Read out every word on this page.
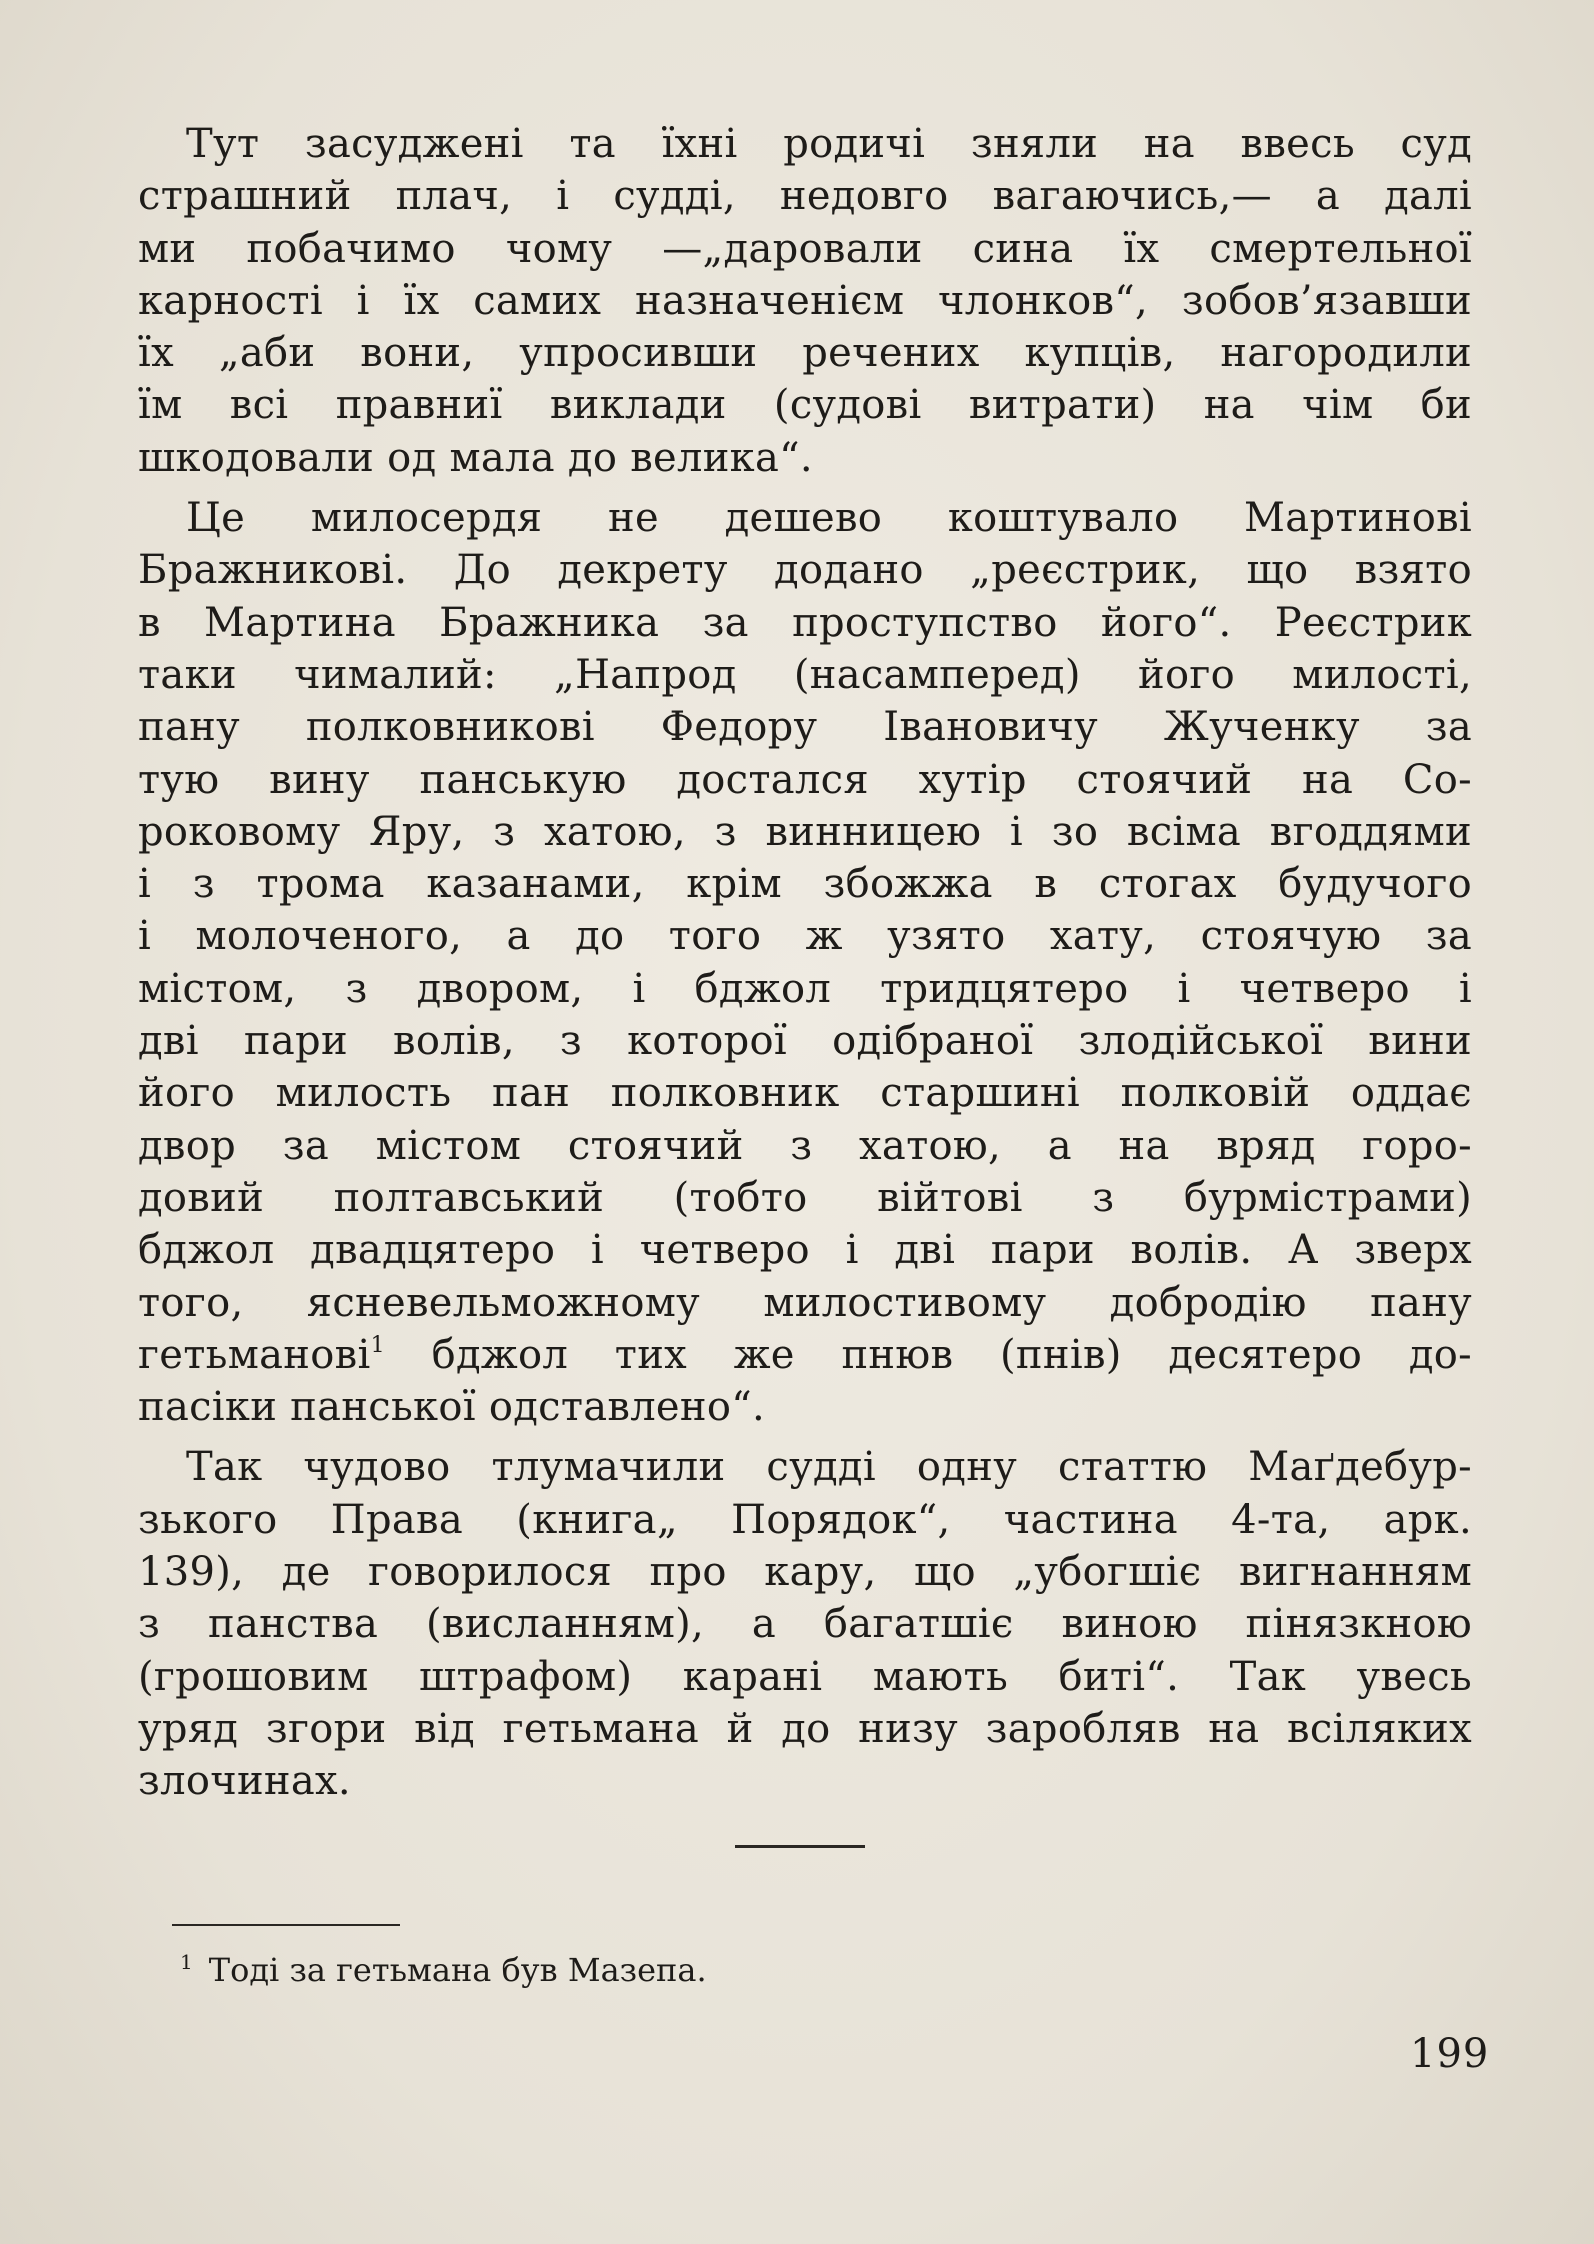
Тут засуджені та їхні родичі зняли на ввесь суд
страшний плач, і судді, недовго вагаючись,— а далі
ми побачимо чому —„даровали сина їх смертельної
карності і їх самих назначенієм члонков“, зобов’язавши
їх „аби вони, упросивши речених купців, нагородили
їм всі правниї виклади (судові витрати) на чім би
шкодовали од мала до велика“.
Це милосердя не дешево коштувало Мартинові
Бражникові. До декрету додано „реєстрик, що взято
в Мартина Бражника за проступство його“. Реєстрик
таки чималий: „Напрод (насамперед) його милості,
пану полковникові Федору Івановичу Жученку за
тую вину панськую достался хутір стоячий на Со-
роковому Яру, з хатою, з винницею і зо всіма вгоддями
і з трома казанами, крім збожжа в стогах будучого
і молоченого, а до того ж узято хату, стоячую за
містом, з двором, і бджол тридцятеро і четверо і
дві пари волів, з которої одібраної злодійської вини
його милость пан полковник старшині полковій оддає
двор за містом стоячий з хатою, а на вряд горо-
довий полтавський (тобто війтові з бурмістрами)
бджол двадцятеро і четверо і дві пари волів. А зверх
того, ясневельможному милостивому добродію пану
гетьманові$^1$ бджол тих же пнюв (пнів) десятеро до-
пасіки панської одставлено“.
Так чудово тлумачили судді одну статтю Маґдебур-
зького Права (книга„ Порядок“, частина 4-та, арк.
139), де говорилося про кару, що „убогшіє вигнанням
з панства (висланням), а багатшіє виною пінязкною
(грошовим штрафом) карані мають биті“. Так увесь
уряд згори від гетьмана й до низу заробляв на всіляких
злочинах.
$^1$ Тоді за гетьмана був Мазепа.
199
